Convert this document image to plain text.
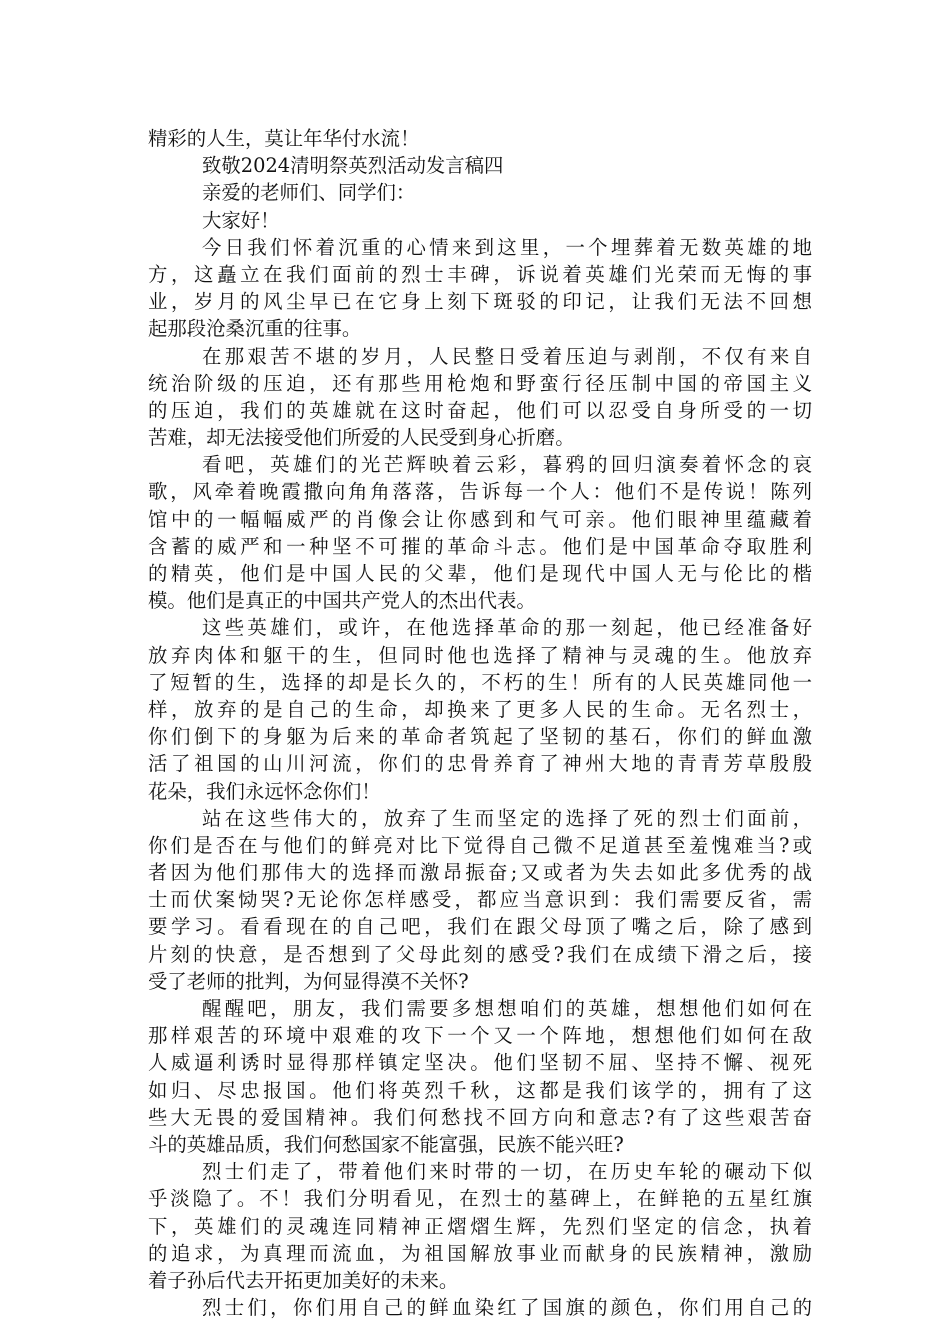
精彩的人生，莫让年华付水流！
致敬2024清明祭英烈活动发言稿四
亲爱的老师们、同学们：
大家好！
今日我们怀着沉重的心情来到这里，一个埋葬着无数英雄的地
方，这矗立在我们面前的烈士丰碑，诉说着英雄们光荣而无悔的事
业，岁月的风尘早已在它身上刻下斑驳的印记，让我们无法不回想
起那段沧桑沉重的往事。
在那艰苦不堪的岁月，人民整日受着压迫与剥削，不仅有来自
统治阶级的压迫，还有那些用枪炮和野蛮行径压制中国的帝国主义
的压迫，我们的英雄就在这时奋起，他们可以忍受自身所受的一切
苦难，却无法接受他们所爱的人民受到身心折磨。
看吧，英雄们的光芒辉映着云彩，暮鸦的回归演奏着怀念的哀
歌，风牵着晚霞撒向角角落落，告诉每一个人：他们不是传说！陈列
馆中的一幅幅威严的肖像会让你感到和气可亲。他们眼神里蕴藏着
含蓄的威严和一种坚不可摧的革命斗志。他们是中国革命夺取胜利
的精英，他们是中国人民的父辈，他们是现代中国人无与伦比的楷
模。他们是真正的中国共产党人的杰出代表。
这些英雄们，或许，在他选择革命的那一刻起，他已经准备好
放弃肉体和躯干的生，但同时他也选择了精神与灵魂的生。他放弃
了短暂的生，选择的却是长久的，不朽的生！所有的人民英雄同他一
样，放弃的是自己的生命，却换来了更多人民的生命。无名烈士，
你们倒下的身躯为后来的革命者筑起了坚韧的基石，你们的鲜血激
活了祖国的山川河流，你们的忠骨养育了神州大地的青青芳草殷殷
花朵，我们永远怀念你们！
站在这些伟大的，放弃了生而坚定的选择了死的烈士们面前，
你们是否在与他们的鲜亮对比下觉得自己微不足道甚至羞愧难当?或
者因为他们那伟大的选择而激昂振奋;又或者为失去如此多优秀的战
士而伏案恸哭?无论你怎样感受，都应当意识到：我们需要反省，需
要学习。看看现在的自己吧，我们在跟父母顶了嘴之后，除了感到
片刻的快意，是否想到了父母此刻的感受?我们在成绩下滑之后，接
受了老师的批判，为何显得漠不关怀?
醒醒吧，朋友，我们需要多想想咱们的英雄，想想他们如何在
那样艰苦的环境中艰难的攻下一个又一个阵地，想想他们如何在敌
人威逼利诱时显得那样镇定坚决。他们坚韧不屈、坚持不懈、视死
如归、尽忠报国。他们将英烈千秋，这都是我们该学的，拥有了这
些大无畏的爱国精神。我们何愁找不回方向和意志?有了这些艰苦奋
斗的英雄品质，我们何愁国家不能富强，民族不能兴旺?
烈士们走了，带着他们来时带的一切，在历史车轮的碾动下似
乎淡隐了。不！我们分明看见，在烈士的墓碑上，在鲜艳的五星红旗
下，英雄们的灵魂连同精神正熠熠生辉，先烈们坚定的信念，执着
的追求，为真理而流血，为祖国解放事业而献身的民族精神，激励
着子孙后代去开拓更加美好的未来。
烈士们，你们用自己的鲜血染红了国旗的颜色，你们用自己的
